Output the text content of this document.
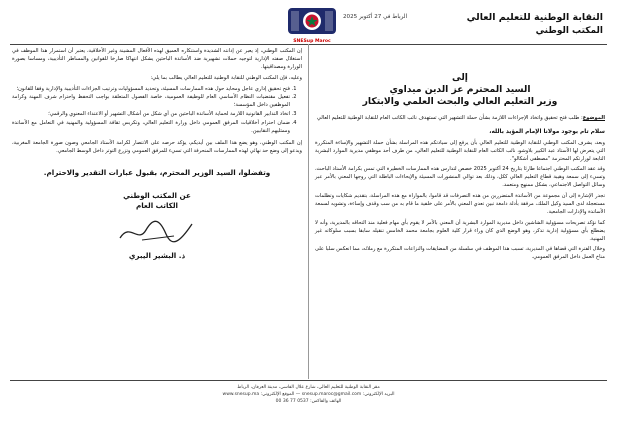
النقابة الوطنية للتعليم العالي
المكتب الوطني
الرباط في 27 أكتوبر 2025
SNESup Maroc
إلى
السيد المحترم عز الدين ميداوي
وزير التعليم العالي والبحث العلمي والابتكار
الموضوع: طلب فتح تحقيق واتخاذ الإجراءات اللازمة بشأن حملة التشهير التي تستهدف نائب الكاتب العام للنقابة الوطنية للتعليم العالي
سلام تام بوجود مولانا الإمام المؤيد بالله،

وبعد، يشرف المكتب الوطني للنقابة الوطنية للتعليم العالي بأن يرفع إلى سيادتكم هذه المراسلة بشأن حملة التشهير والإساءة المتكررة التي يتعرض لها الأستاذ عبد الكبير بلاوشو، نائب الكاتب العام للنقابة الوطنية للتعليم العالي، من طرف أحد موظفي مديرية الموارد البشرية التابعة لوزارتكم المحترمة "مصطفى أشكالو".

وقد عقد المكتب الوطني اجتماعا طارئا بتاريخ 24 أكتوبر 2025 خصص لتدارس هذه الممارسات الخطيرة التي تمس بكرامة الأستاذ الباحث، وتسيء إلى سمعة وهيبة قطاع التعليم العالي ككل، وذلك بعد توالي المنشورات المسيئة والإيحاءات الباطلة التي روجها المعني بالأمر عبر وسائل التواصل الاجتماعي، بشكل ممنهج ومتعمد.

تجدر الإشارة إلى أن مجموعة من الأساتذة المتضررين من هذه التصرفات قد قاموا، بالموازاة مع هذه المراسلة، بتقديم شكايات وتظلمات مستعجلة لدى السيد وكيل الملك، مرفقة بأدلة دامغة تبين تعدي المعني بالأمر على خلفية ما قام به من سب وقذف وإساءة، وتشويه لسمعة الأساتذة والإدارات الجامعية.

كما نؤكد تصريحات مسؤولية الشاشين داخل مديرية الموارد البشرية أن المعني بالأمر لا يقوم بأي مهام فعلية منذ التحاقه بالمديرية، وأنه لا يضطلع بأي مسؤولية إدارية تذكر، وهو الوضع الذي كان وراء قرار كلية العلوم بجامعة محمد الخامس تنقيله سابقا بسبب سلوكاته غير المهنية.

وخلال الفترة التي قضاها في المديرية، تسبب هذا الموظف في سلسلة من المضايقات والنزاعات المتكررة مع زملائه، مما انعكس سلبا على مناخ العمل داخل المرفق العمومي.

إن المكتب الوطني، إذ يعبر عن إدانته الشديدة واستنكاره العميق لهذه الأفعال المشينة وغير الأخلاقية، يعتبر أن استمرار هذا الموظف في استغلال صفته الإدارية لتوجيه حملات تشهيرية ضد الأساتذة الباحثين يشكل انتهاكا صارخا للقوانين والمساطر التأديبية، ومساسا بصورة الوزارة ومصداقيتها.

وعليه، فإن المكتب الوطني للنقابة الوطنية للتعليم العالي يطالب بما يلي:

1. فتح تحقيق إداري عاجل ومحايد حول هذه الممارسات المسيئة، وتحديد المسؤوليات وترتيب الجزاءات التأديبية والإدارية وفقا للقانون؛
2. تفعيل مقتضيات النظام الأساسي العام للوظيفة العمومية، خاصة الفصول المتعلقة بواجب التحفظ واحترام شرف المهنة وكرامة الموظفين داخل المؤسسة؛
3. اتخاذ التدابير القانونية اللازمة لحماية الأساتذة الباحثين من أي شكل من أشكال التشهير أو الاعتداء المعنوي والرقمي؛
4. ضمان احترام أخلاقيات المرفق العمومي داخل وزارة التعليم العالي، وتكريس ثقافة المسؤولية والمهنية في التعامل مع الأساتذة وممثليهم النقابيين.

إن المكتب الوطني، وهو يضع هذا الملف بين أيديكم، يؤكد حرصه على الانتصار لكرامة الأستاذ الجامعي وصون صورة الجامعة المغربية، ويدعو إلى وضع حد نهائي لهذه الممارسات المنحرفة التي تسيء للمرفق العمومي وتزرع التوتر داخل الوسط الجامعي.

وتفضلوا، السيد الوزير المحترم، بقبول عبارات التقدير والاحترام.
عن المكتب الوطني
الكاتب العام
ذ. البشير اليبري
مقر النقابة الوطنية للتعليم العالي، شارع علال الفاسي، مدينة العرفان، الرباط
البريد الإلكتروني: snesup.maroc@gmail.com — الموقع الإلكتروني: www.snesup.ma
الهاتف والفاكس: 0537 77 36 00
